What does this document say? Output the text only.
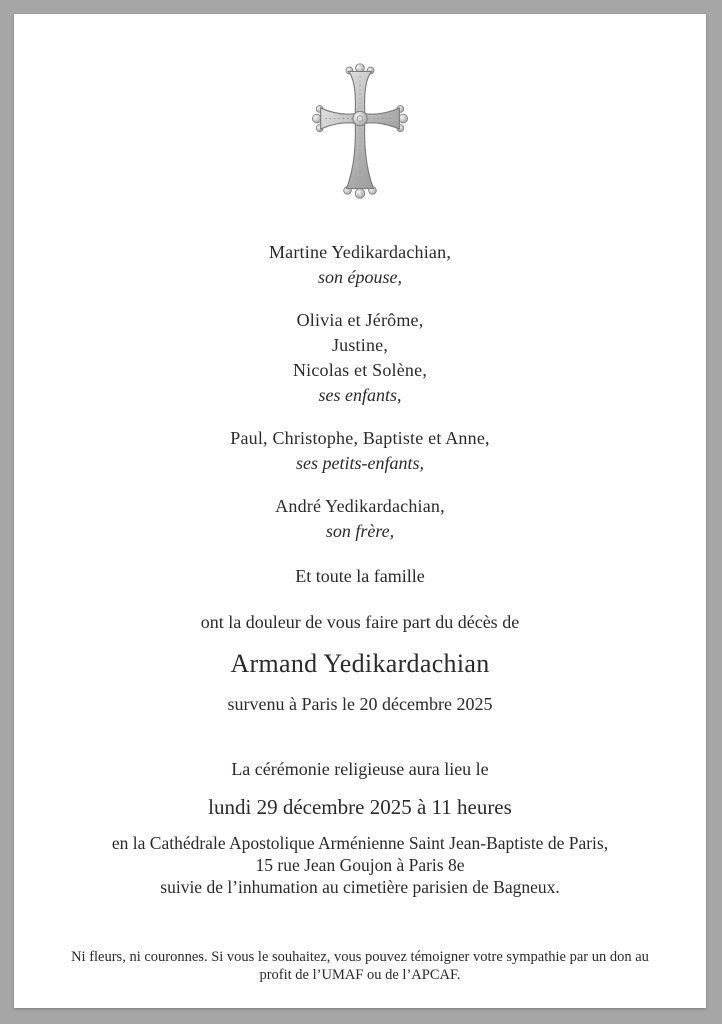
Martine Yedikardachian,
son épouse,
Olivia et Jérôme,
Justine,
Nicolas et Solène,
ses enfants,
Paul, Christophe, Baptiste et Anne,
ses petits-enfants,
André Yedikardachian,
son frère,
Et toute la famille
ont la douleur de vous faire part du décès de
Armand Yedikardachian
survenu à Paris le 20 décembre 2025
La cérémonie religieuse aura lieu le
lundi 29 décembre 2025 à 11 heures
en la Cathédrale Apostolique Arménienne Saint Jean-Baptiste de Paris,
15 rue Jean Goujon à Paris 8e
suivie de l’inhumation au cimetière parisien de Bagneux.
Ni fleurs, ni couronnes. Si vous le souhaitez, vous pouvez témoigner votre sympathie par un don au profit de l’UMAF ou de l’APCAF.
